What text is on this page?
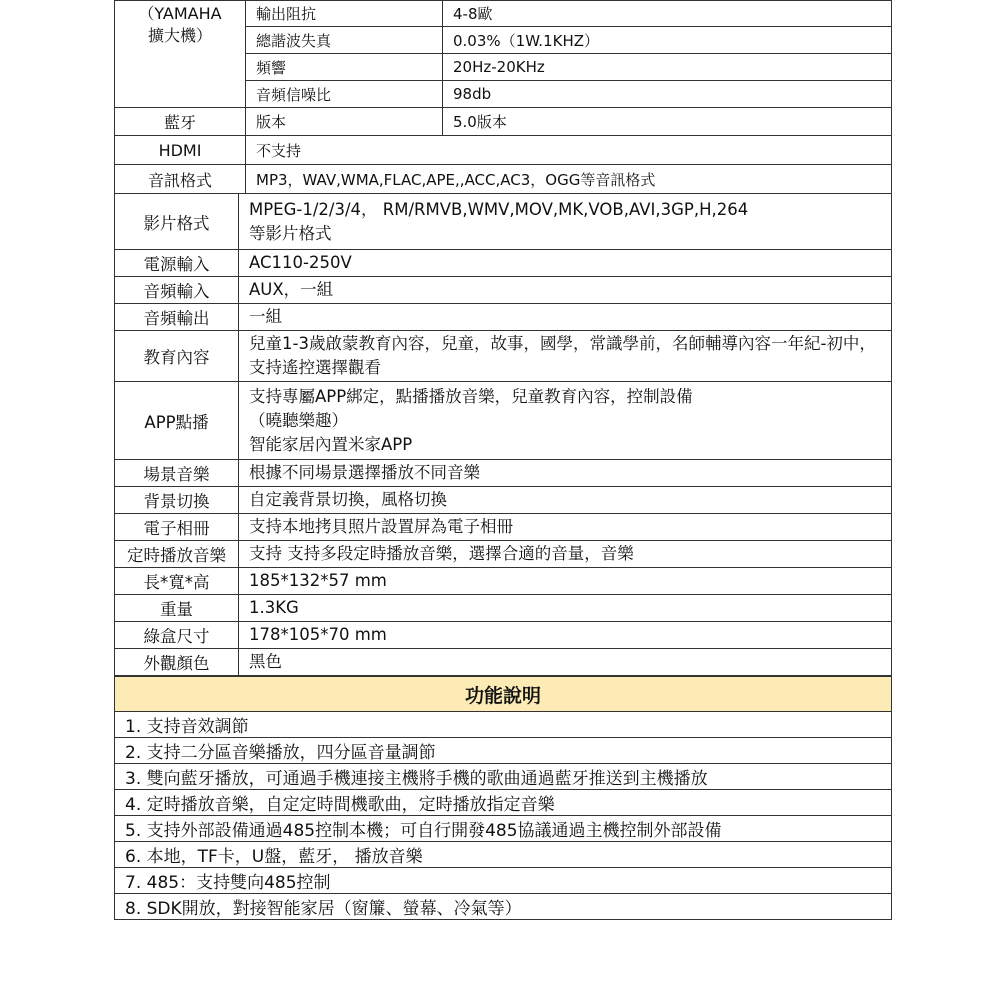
（YAMAHA
擴大機）	輸出阻抗	4-8歐
	總諧波失真	0.03%（1W.1KHZ）
	頻響	20Hz-20KHz
	音頻信噪比	98db
藍牙	版本	5.0版本
HDMI	不支持	
音訊格式	MP3，WAV,WMA,FLAC,APE,,ACC,AC3，OGG等音訊格式	
影片格式	MPEG-1/2/3/4， RM/RMVB,WMV,MOV,MK,VOB,AVI,3GP,H,264
等影片格式

電源輸入	AC110-250V

音頻輸入	AUX，一組

音頻輸出	一組

教育內容	兒童1-3歲啟蒙教育內容，兒童，故事，國學，常識學前，名師輔導內容一年紀-初中，
支持遙控選擇觀看

APP點播	支持專屬APP綁定，點播播放音樂，兒童教育內容，控制設備
（曉聽樂趣）
智能家居內置米家APP

場景音樂	根據不同場景選擇播放不同音樂

背景切換	自定義背景切換，風格切換

電子相冊	支持本地拷貝照片設置屏為電子相冊

定時播放音樂	支持 支持多段定時播放音樂，選擇合適的音量，音樂

長*寬*高	185*132*57 mm

重量	1.3KG

綠盒尺寸	178*105*70 mm

外觀顏色	黑色
功能說明
1. 支持音效調節
2. 支持二分區音樂播放，四分區音量調節
3. 雙向藍牙播放，可通過手機連接主機將手機的歌曲通過藍牙推送到主機播放
4. 定時播放音樂，自定定時間機歌曲，定時播放指定音樂
5. 支持外部設備通過485控制本機；可自行開發485協議通過主機控制外部設備
6. 本地，TF卡，U盤，藍牙， 播放音樂
7. 485：支持雙向485控制
8. SDK開放，對接智能家居（窗簾、螢幕、冷氣等）
